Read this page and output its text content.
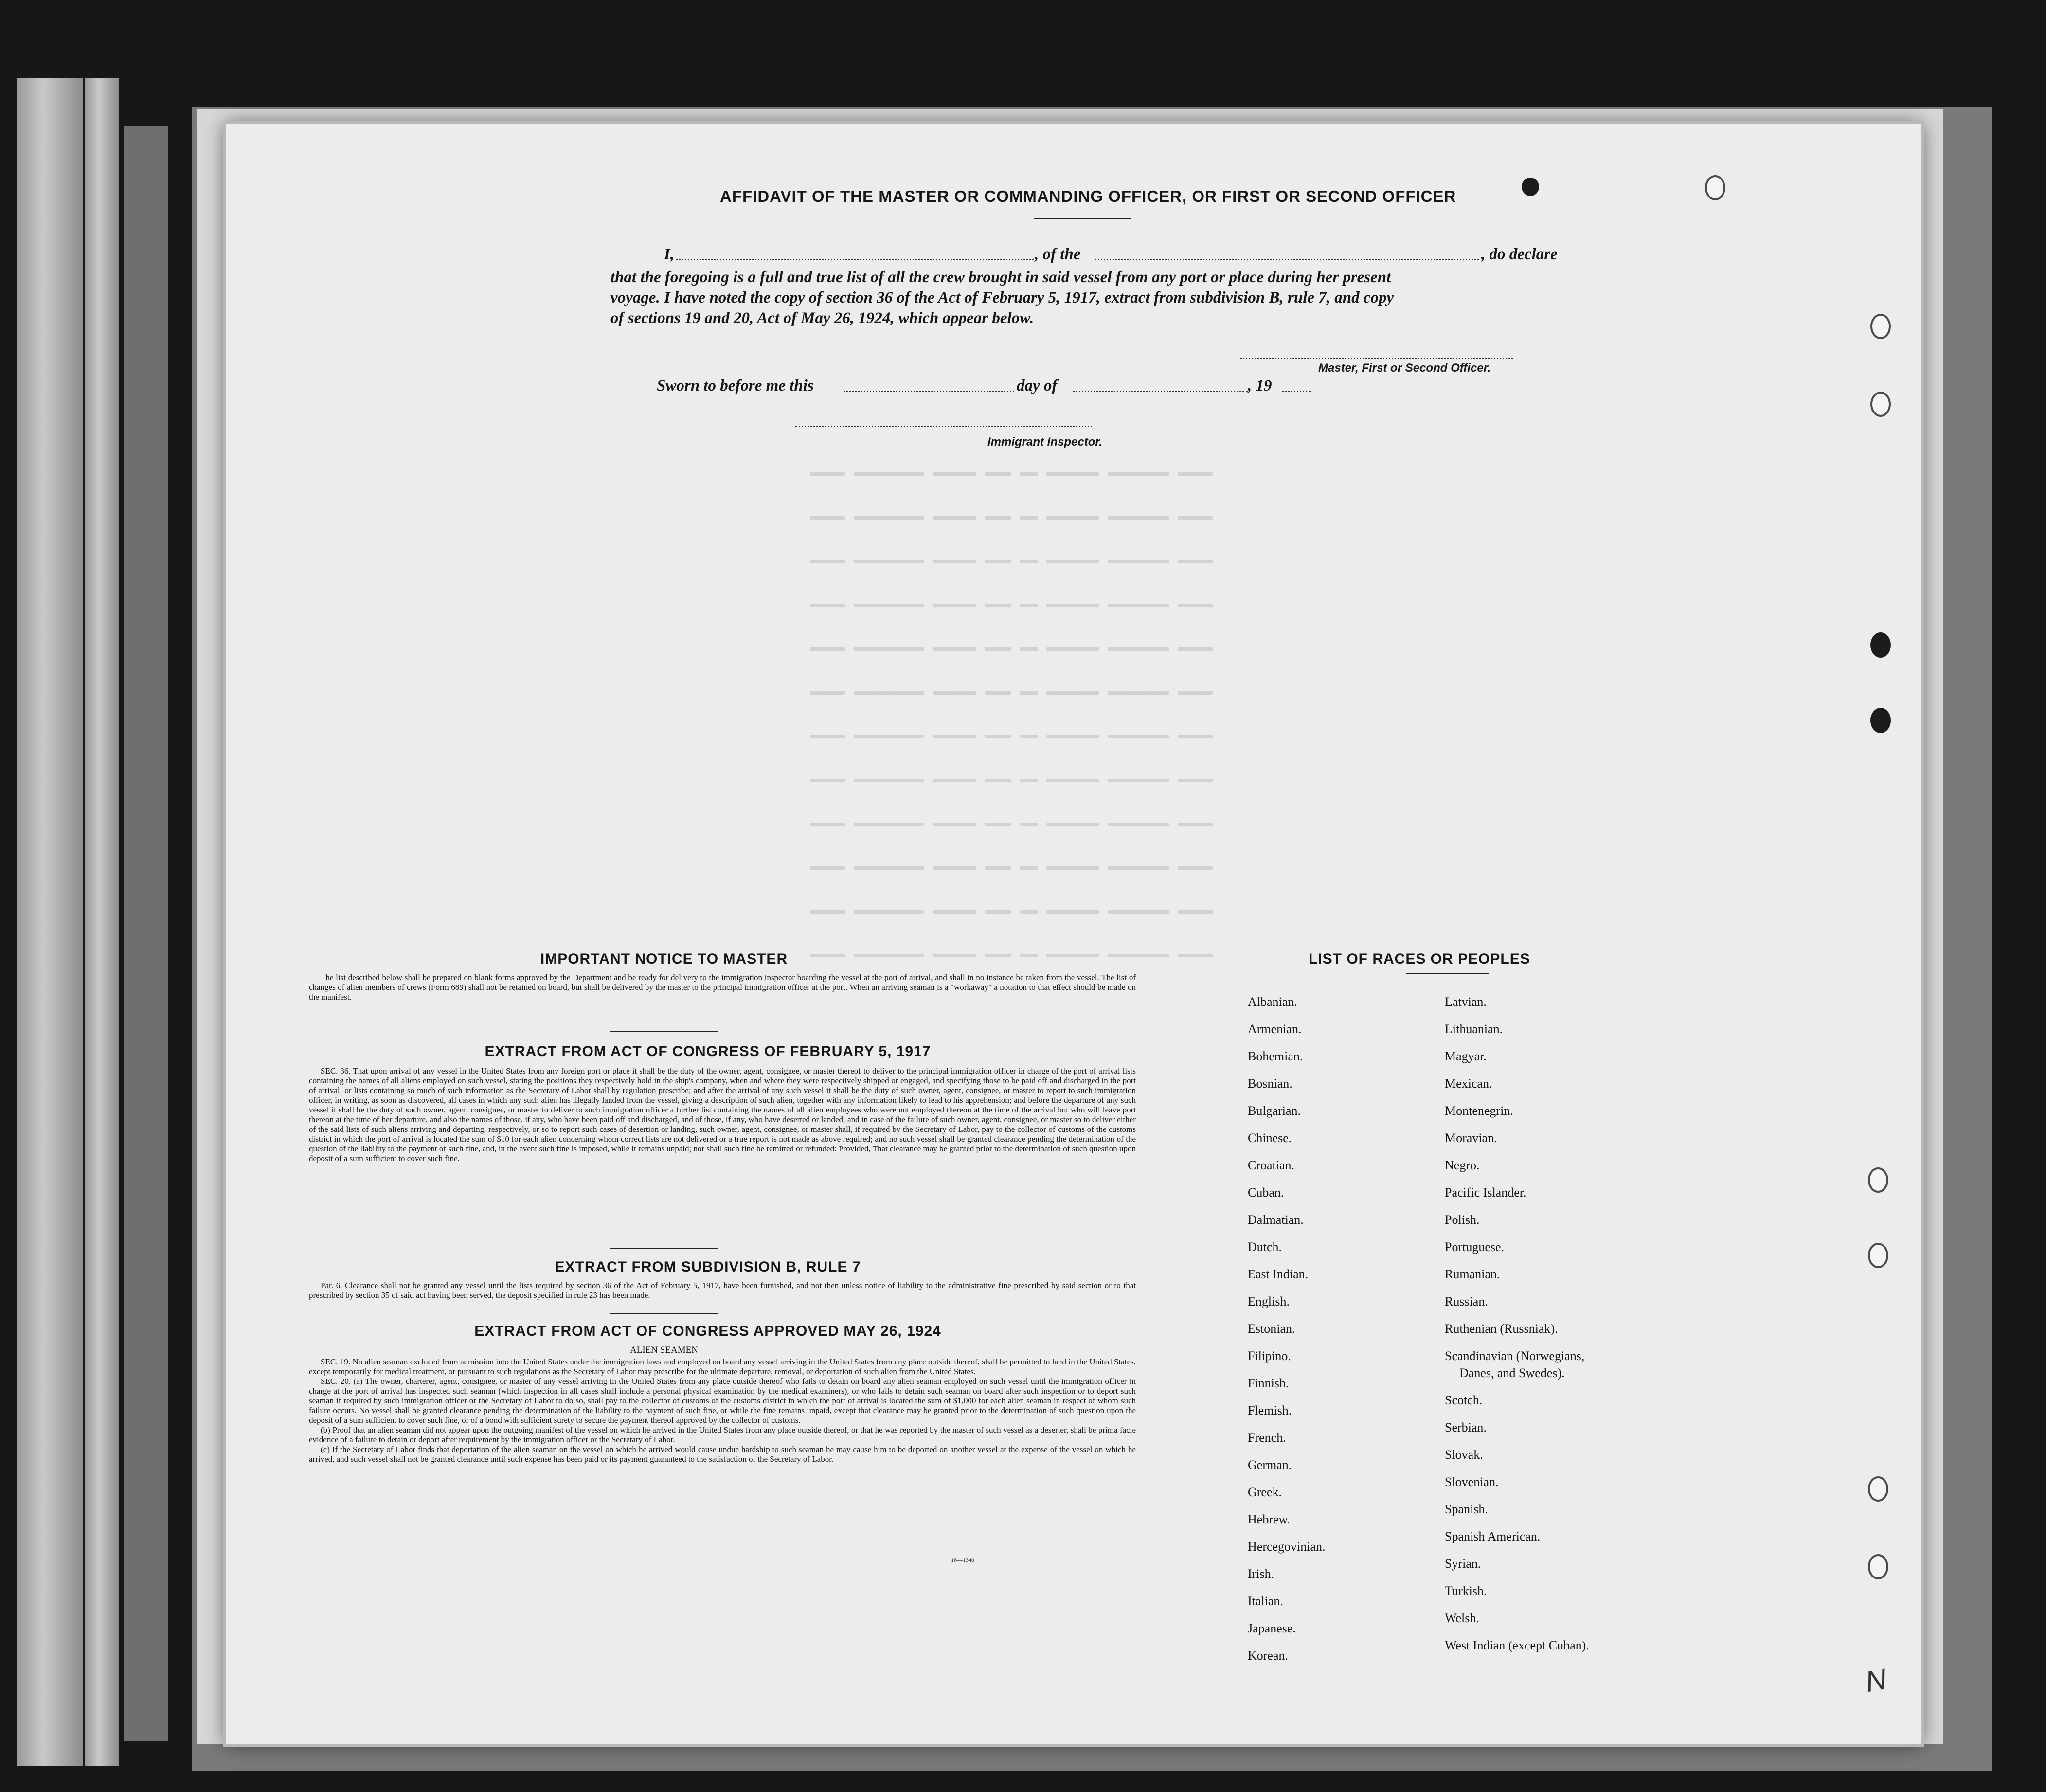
▬▬▬▬ ▬▬▬▬▬▬▬▬ ▬▬▬▬▬ ▬▬▬ ▬▬ ▬▬▬▬▬▬ ▬▬▬▬▬▬▬ ▬▬▬▬
▬▬▬▬ ▬▬▬▬▬▬▬▬ ▬▬▬▬▬ ▬▬▬ ▬▬ ▬▬▬▬▬▬ ▬▬▬▬▬▬▬ ▬▬▬▬
▬▬▬▬ ▬▬▬▬▬▬▬▬ ▬▬▬▬▬ ▬▬▬ ▬▬ ▬▬▬▬▬▬ ▬▬▬▬▬▬▬ ▬▬▬▬
▬▬▬▬ ▬▬▬▬▬▬▬▬ ▬▬▬▬▬ ▬▬▬ ▬▬ ▬▬▬▬▬▬ ▬▬▬▬▬▬▬ ▬▬▬▬
▬▬▬▬ ▬▬▬▬▬▬▬▬ ▬▬▬▬▬ ▬▬▬ ▬▬ ▬▬▬▬▬▬ ▬▬▬▬▬▬▬ ▬▬▬▬
▬▬▬▬ ▬▬▬▬▬▬▬▬ ▬▬▬▬▬ ▬▬▬ ▬▬ ▬▬▬▬▬▬ ▬▬▬▬▬▬▬ ▬▬▬▬
▬▬▬▬ ▬▬▬▬▬▬▬▬ ▬▬▬▬▬ ▬▬▬ ▬▬ ▬▬▬▬▬▬ ▬▬▬▬▬▬▬ ▬▬▬▬
▬▬▬▬ ▬▬▬▬▬▬▬▬ ▬▬▬▬▬ ▬▬▬ ▬▬ ▬▬▬▬▬▬ ▬▬▬▬▬▬▬ ▬▬▬▬
▬▬▬▬ ▬▬▬▬▬▬▬▬ ▬▬▬▬▬ ▬▬▬ ▬▬ ▬▬▬▬▬▬ ▬▬▬▬▬▬▬ ▬▬▬▬
▬▬▬▬ ▬▬▬▬▬▬▬▬ ▬▬▬▬▬ ▬▬▬ ▬▬ ▬▬▬▬▬▬ ▬▬▬▬▬▬▬ ▬▬▬▬
▬▬▬▬ ▬▬▬▬▬▬▬▬ ▬▬▬▬▬ ▬▬▬ ▬▬ ▬▬▬▬▬▬ ▬▬▬▬▬▬▬ ▬▬▬▬
▬▬▬▬ ▬▬▬▬▬▬▬▬ ▬▬▬▬▬ ▬▬▬ ▬▬ ▬▬▬▬▬▬ ▬▬▬▬▬▬▬ ▬▬▬▬
AFFIDAVIT OF THE MASTER OR COMMANDING OFFICER, OR FIRST OR SECOND OFFICER
I,	, of the	, do declare
that the foregoing is a full and true list of all the crew brought in said vessel from any port or place during her present
voyage. I have noted the copy of section 36 of the Act of February 5, 1917, extract from subdivision B, rule 7, and copy
of sections 19 and 20, Act of May 26, 1924, which appear below.
Master, First or Second Officer.
Sworn to before me this	day of	, 19
Immigrant Inspector.
IMPORTANT NOTICE TO MASTER

The list described below shall be prepared on blank forms approved by the Department and be ready for delivery to the immigration inspector boarding the vessel at the port of arrival, and shall in no instance be taken from the vessel. The list of changes of alien members of crews (Form 689) shall not be retained on board, but shall be delivered by the master to the principal immigration officer at the port. When an arriving seaman is a "workaway" a notation to that effect should be made on the manifest.

EXTRACT FROM ACT OF CONGRESS OF FEBRUARY 5, 1917

SEC. 36. That upon arrival of any vessel in the United States from any foreign port or place it shall be the duty of the owner, agent, consignee, or master thereof to deliver to the principal immigration officer in charge of the port of arrival lists containing the names of all aliens employed on such vessel, stating the positions they respectively hold in the ship's company, when and where they were respectively shipped or engaged, and specifying those to be paid off and discharged in the port of arrival; or lists containing so much of such information as the Secretary of Labor shall by regulation prescribe; and after the arrival of any such vessel it shall be the duty of such owner, agent, consignee, or master to report to such immigration officer, in writing, as soon as discovered, all cases in which any such alien has illegally landed from the vessel, giving a description of such alien, together with any information likely to lead to his apprehension; and before the departure of any such vessel it shall be the duty of such owner, agent, consignee, or master to deliver to such immigration officer a further list containing the names of all alien employees who were not employed thereon at the time of the arrival but who will leave port thereon at the time of her departure, and also the names of those, if any, who have been paid off and discharged, and of those, if any, who have deserted or landed; and in case of the failure of such owner, agent, consignee, or master so to deliver either of the said lists of such aliens arriving and departing, respectively, or so to report such cases of desertion or landing, such owner, agent, consignee, or master shall, if required by the Secretary of Labor, pay to the collector of customs of the customs district in which the port of arrival is located the sum of $10 for each alien concerning whom correct lists are not delivered or a true report is not made as above required; and no such vessel shall be granted clearance pending the determination of the question of the liability to the payment of such fine, and, in the event such fine is imposed, while it remains unpaid; nor shall such fine be remitted or refunded: Provided, That clearance may be granted prior to the determination of such question upon deposit of a sum sufficient to cover such fine.

EXTRACT FROM SUBDIVISION B, RULE 7

Par. 6. Clearance shall not be granted any vessel until the lists required by section 36 of the Act of February 5, 1917, have been furnished, and not then unless notice of liability to the administrative fine prescribed by said section or to that prescribed by section 35 of said act having been served, the deposit specified in rule 23 has been made.

EXTRACT FROM ACT OF CONGRESS APPROVED MAY 26, 1924
ALIEN SEAMEN

SEC. 19. No alien seaman excluded from admission into the United States under the immigration laws and employed on board any vessel arriving in the United States from any place outside thereof, shall be permitted to land in the United States, except temporarily for medical treatment, or pursuant to such regulations as the Secretary of Labor may prescribe for the ultimate departure, removal, or deportation of such alien from the United States.

SEC. 20. (a) The owner, charterer, agent, consignee, or master of any vessel arriving in the United States from any place outside thereof who fails to detain on board any alien seaman employed on such vessel until the immigration officer in charge at the port of arrival has inspected such seaman (which inspection in all cases shall include a personal physical examination by the medical examiners), or who fails to detain such seaman on board after such inspection or to deport such seaman if required by such immigration officer or the Secretary of Labor to do so, shall pay to the collector of customs of the customs district in which the port of arrival is located the sum of $1,000 for each alien seaman in respect of whom such failure occurs. No vessel shall be granted clearance pending the determination of the liability to the payment of such fine, or while the fine remains unpaid, except that clearance may be granted prior to the determination of such question upon the deposit of a sum sufficient to cover such fine, or of a bond with sufficient surety to secure the payment thereof approved by the collector of customs.

(b) Proof that an alien seaman did not appear upon the outgoing manifest of the vessel on which he arrived in the United States from any place outside thereof, or that he was reported by the master of such vessel as a deserter, shall be prima facie evidence of a failure to detain or deport after requirement by the immigration officer or the Secretary of Labor.

(c) If the Secretary of Labor finds that deportation of the alien seaman on the vessel on which he arrived would cause undue hardship to such seaman he may cause him to be deported on another vessel at the expense of the vessel on which he arrived, and such vessel shall not be granted clearance until such expense has been paid or its payment guaranteed to the satisfaction of the Secretary of Labor.

16—1340
LIST OF RACES OR PEOPLES
Albanian.
Armenian.
Bohemian.
Bosnian.
Bulgarian.
Chinese.
Croatian.
Cuban.
Dalmatian.
Dutch.
East Indian.
English.
Estonian.
Filipino.
Finnish.
Flemish.
French.
German.
Greek.
Hebrew.
Hercegovinian.
Irish.
Italian.
Japanese.
Korean.
Latvian.
Lithuanian.
Magyar.
Mexican.
Montenegrin.
Moravian.
Negro.
Pacific Islander.
Polish.
Portuguese.
Rumanian.
Russian.
Ruthenian (Russniak).
Scandinavian (Norwegians,
Danes, and Swedes).
Scotch.
Serbian.
Slovak.
Slovenian.
Spanish.
Spanish American.
Syrian.
Turkish.
Welsh.
West Indian (except Cuban).
N
